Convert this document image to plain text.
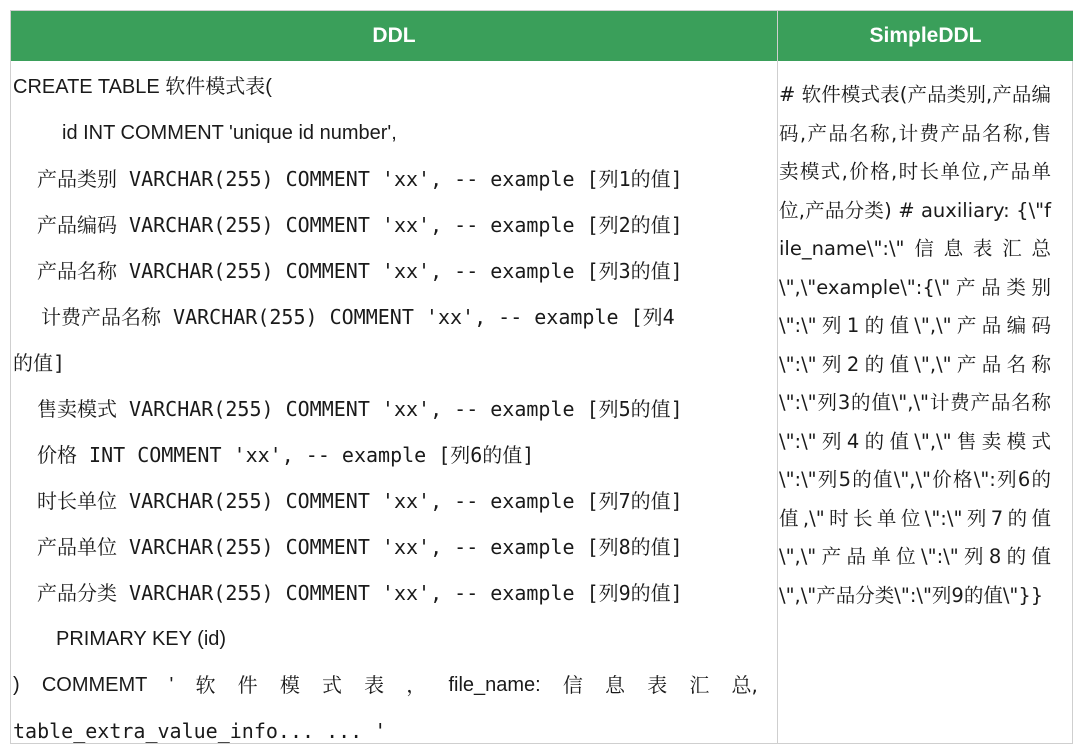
DDL	SimpleDDL
CREATE TABLE 软件模式表(
id INT COMMENT 'unique id number',
产品类别 VARCHAR(255) COMMENT 'xx', -- example [列1的值]
产品编码 VARCHAR(255) COMMENT 'xx', -- example [列2的值]
产品名称 VARCHAR(255) COMMENT 'xx', -- example [列3的值]
计费产品名称 VARCHAR(255) COMMENT 'xx', -- example [列4
的值]
售卖模式 VARCHAR(255) COMMENT 'xx', -- example [列5的值]
价格 INT COMMENT 'xx', -- example [列6的值]
时长单位 VARCHAR(255) COMMENT 'xx', -- example [列7的值]
产品单位 VARCHAR(255) COMMENT 'xx', -- example [列8的值]
产品分类 VARCHAR(255) COMMENT 'xx', -- example [列9的值]
PRIMARY KEY (id)
) COMMEMT ' 软 件 模 式 表 ， file_name: 信 息 表 汇 总,
table_extra_value_info... ... '
# 软件模式表(产品类别,产品编码,产品名称,计费产品名称,售卖模式,价格,时长单位,产品单位,产品分类) # auxiliary: {\"file_name\":\"信息表汇总\",\"example\":{\"产品类别\":\"列1的值\",\"产品编码\":\"列2的值\",\"产品名称\":\"列3的值\",\"计费产品名称\":\"列4的值\",\"售卖模式\":\"列5的值\",\"价格\":列6的值,\"时长单位\":\"列7的值\",\"产品单位\":\"列8的值\",\"产品分类\":\"列9的值\"}}
